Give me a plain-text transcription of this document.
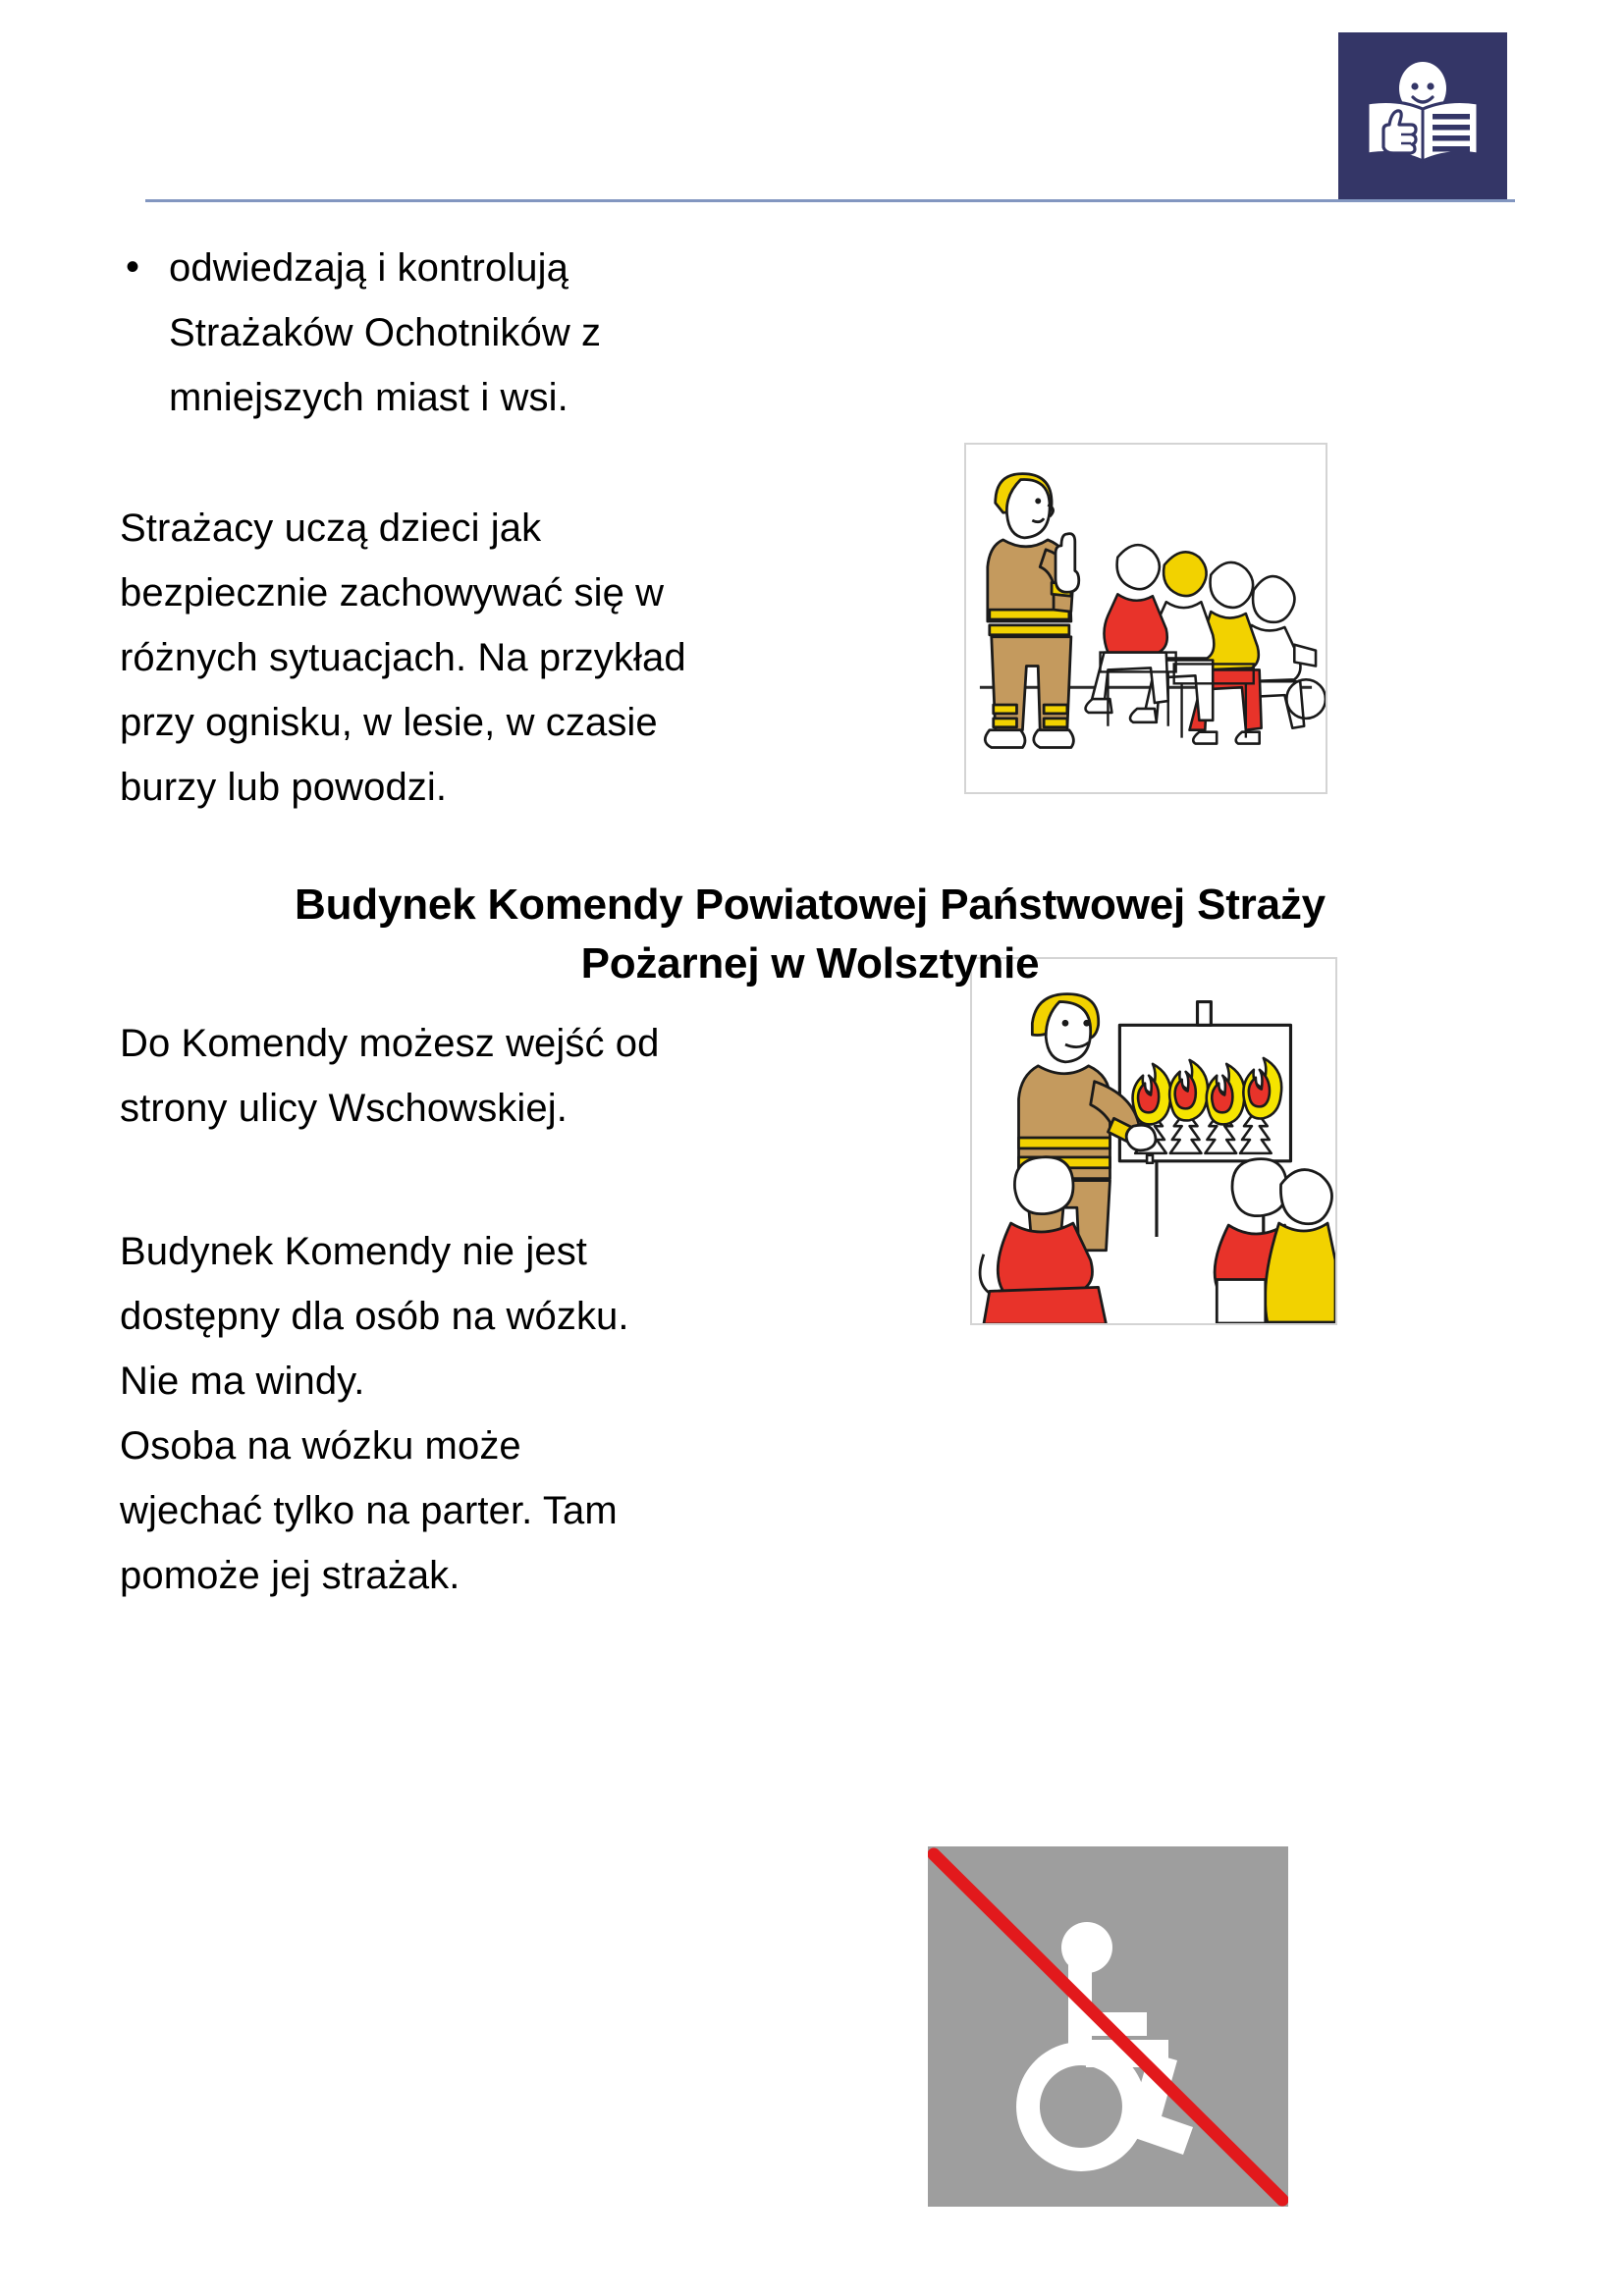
• odwiedzają i kontrolują
Strażaków Ochotników z
mniejszych miast i wsi.
Strażacy uczą dzieci jak
bezpiecznie zachowywać się w
różnych sytuacjach. Na przykład
przy ognisku, w lesie, w czasie
burzy lub powodzi.
Budynek Komendy Powiatowej Państwowej Straży
Pożarnej w Wolsztynie
Do Komendy możesz wejść od
strony ulicy Wschowskiej.
Budynek Komendy nie jest
dostępny dla osób na wózku.
Nie ma windy.
Osoba na wózku może
wjechać tylko na parter. Tam
pomoże jej strażak.
